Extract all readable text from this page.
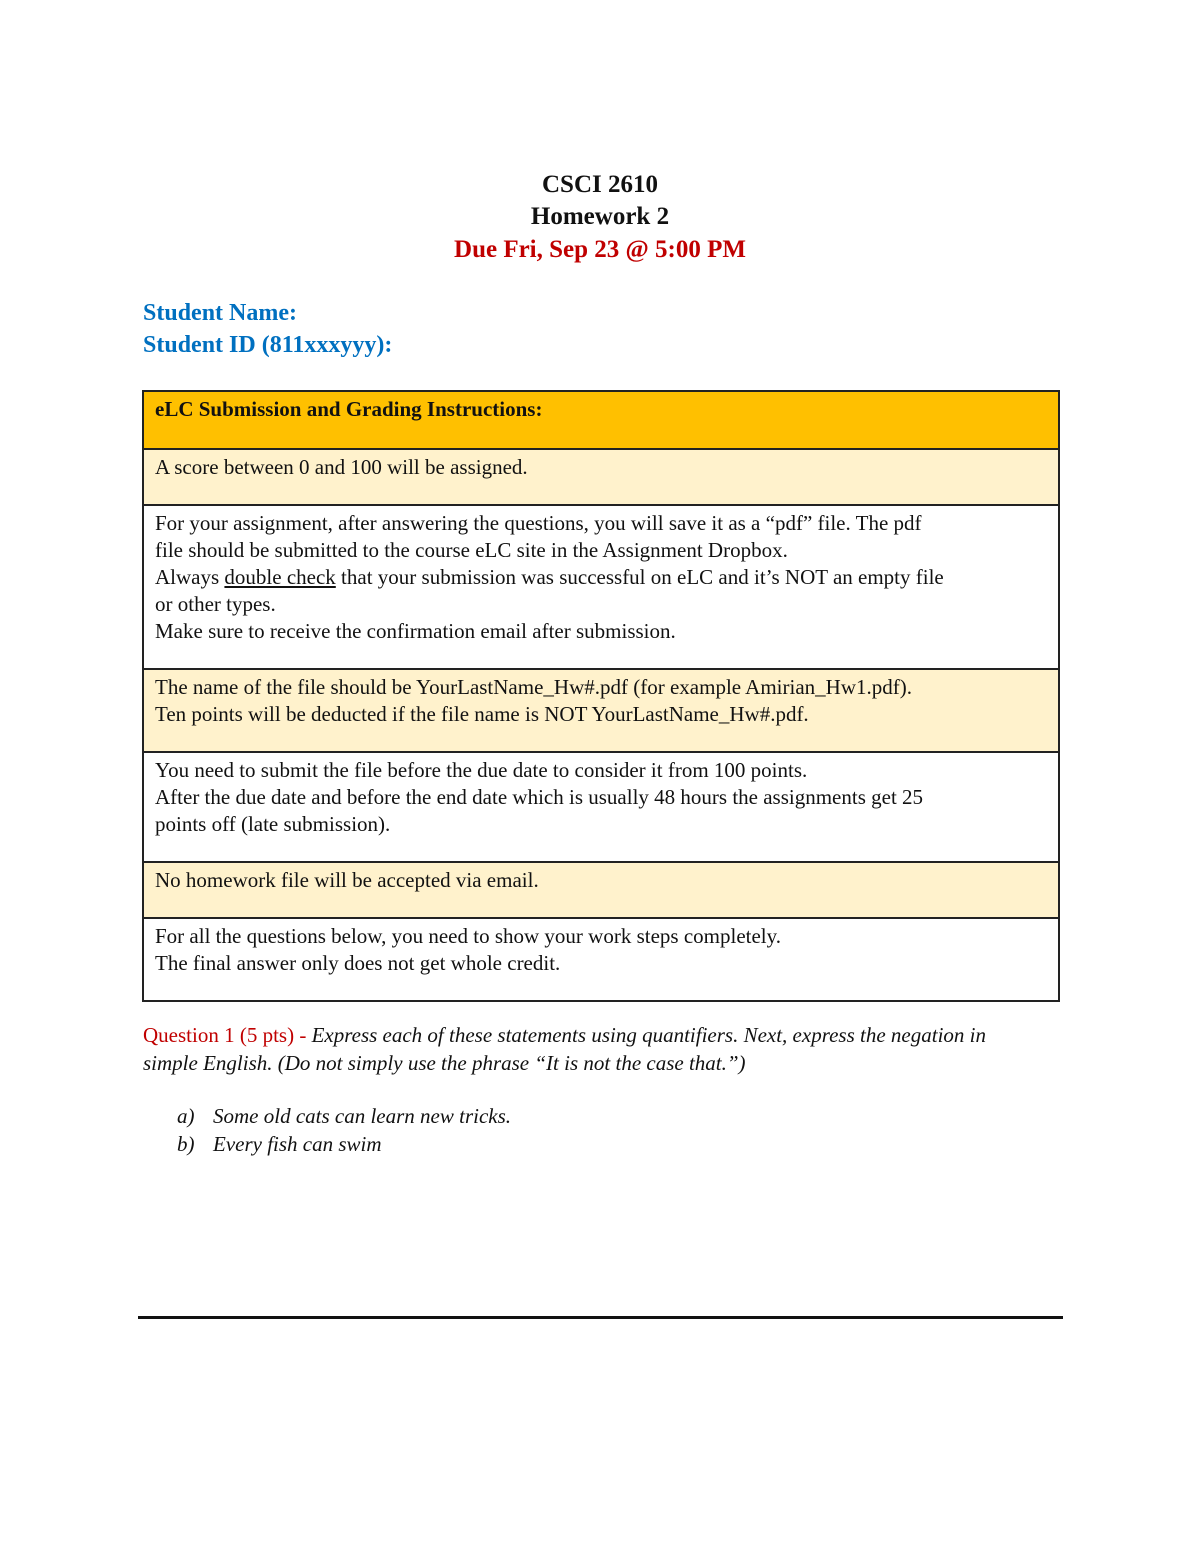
CSCI 2610
Homework 2
Due Fri, Sep 23 @ 5:00 PM
Student Name:
Student ID (811xxxyyy):
eLC Submission and Grading Instructions:

A score between 0 and 100 will be assigned.

For your assignment, after answering the questions, you will save it as a “pdf” file. The pdf
file should be submitted to the course eLC site in the Assignment Dropbox.
Always double check that your submission was successful on eLC and it’s NOT an empty file
or other types.
Make sure to receive the confirmation email after submission.

The name of the file should be YourLastName_Hw#.pdf (for example Amirian_Hw1.pdf).
Ten points will be deducted if the file name is NOT YourLastName_Hw#.pdf.

You need to submit the file before the due date to consider it from 100 points.
After the due date and before the end date which is usually 48 hours the assignments get 25
points off (late submission).

No homework file will be accepted via email.

For all the questions below, you need to show your work steps completely.
The final answer only does not get whole credit.
Question 1 (5 pts) - Express each of these statements using quantifiers. Next, express the negation in simple English. (Do not simply use the phrase “It is not the case that.”)
a) Some old cats can learn new tricks.
b) Every fish can swim
